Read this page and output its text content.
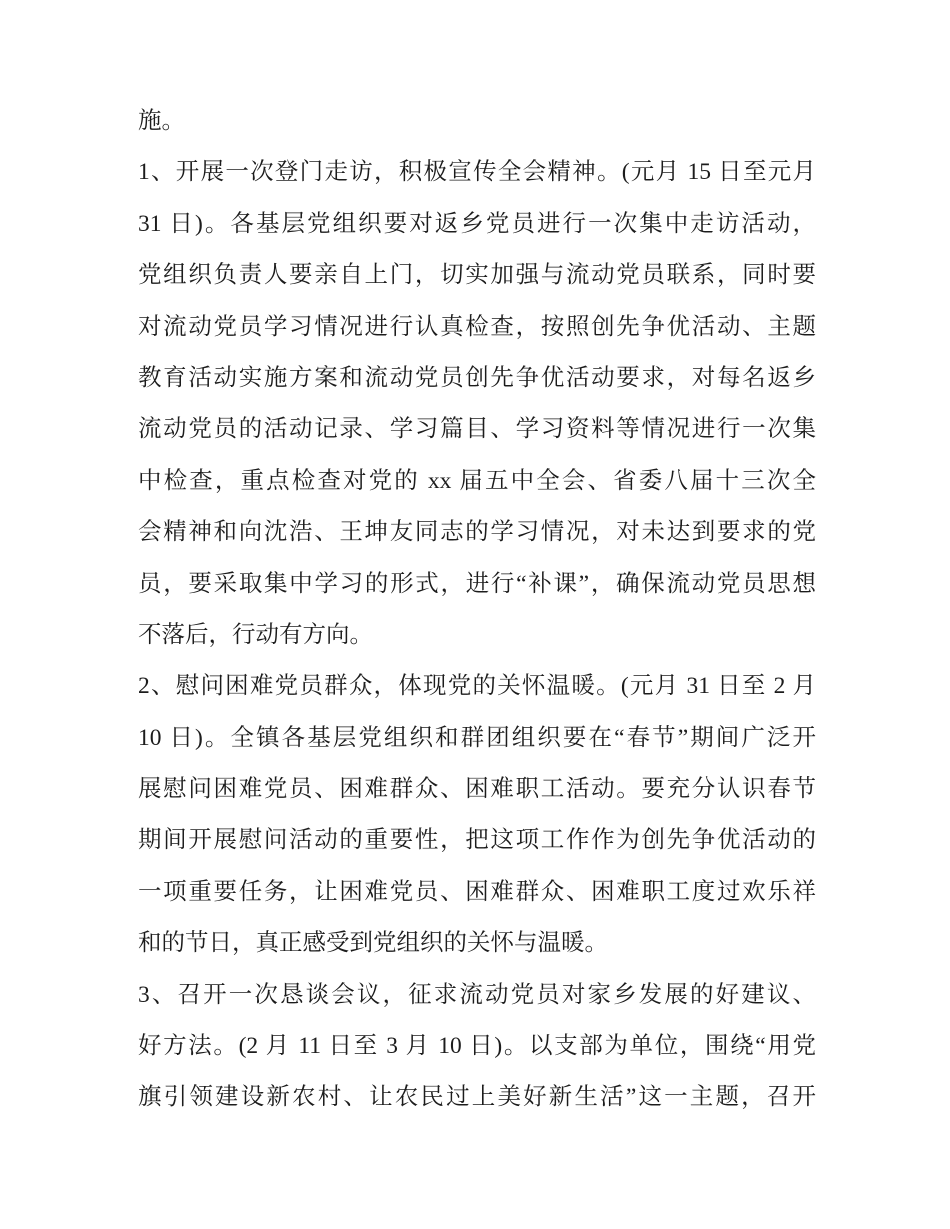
施。
1、开展一次登门走访，积极宣传全会精神。(元月 15 日至元月
31 日)。各基层党组织要对返乡党员进行一次集中走访活动，
党组织负责人要亲自上门，切实加强与流动党员联系，同时要
对流动党员学习情况进行认真检查，按照创先争优活动、主题
教育活动实施方案和流动党员创先争优活动要求，对每名返乡
流动党员的活动记录、学习篇目、学习资料等情况进行一次集
中检查，重点检查对党的 xx 届五中全会、省委八届十三次全
会精神和向沈浩、王坤友同志的学习情况，对未达到要求的党
员，要采取集中学习的形式，进行“补课”，确保流动党员思想
不落后，行动有方向。
2、慰问困难党员群众，体现党的关怀温暖。(元月 31 日至 2 月
10 日)。全镇各基层党组织和群团组织要在“春节”期间广泛开
展慰问困难党员、困难群众、困难职工活动。要充分认识春节
期间开展慰问活动的重要性，把这项工作作为创先争优活动的
一项重要任务，让困难党员、困难群众、困难职工度过欢乐祥
和的节日，真正感受到党组织的关怀与温暖。
3、召开一次恳谈会议，征求流动党员对家乡发展的好建议、
好方法。(2 月 11 日至 3 月 10 日)。以支部为单位，围绕“用党
旗引领建设新农村、让农民过上美好新生活”这一主题，召开
